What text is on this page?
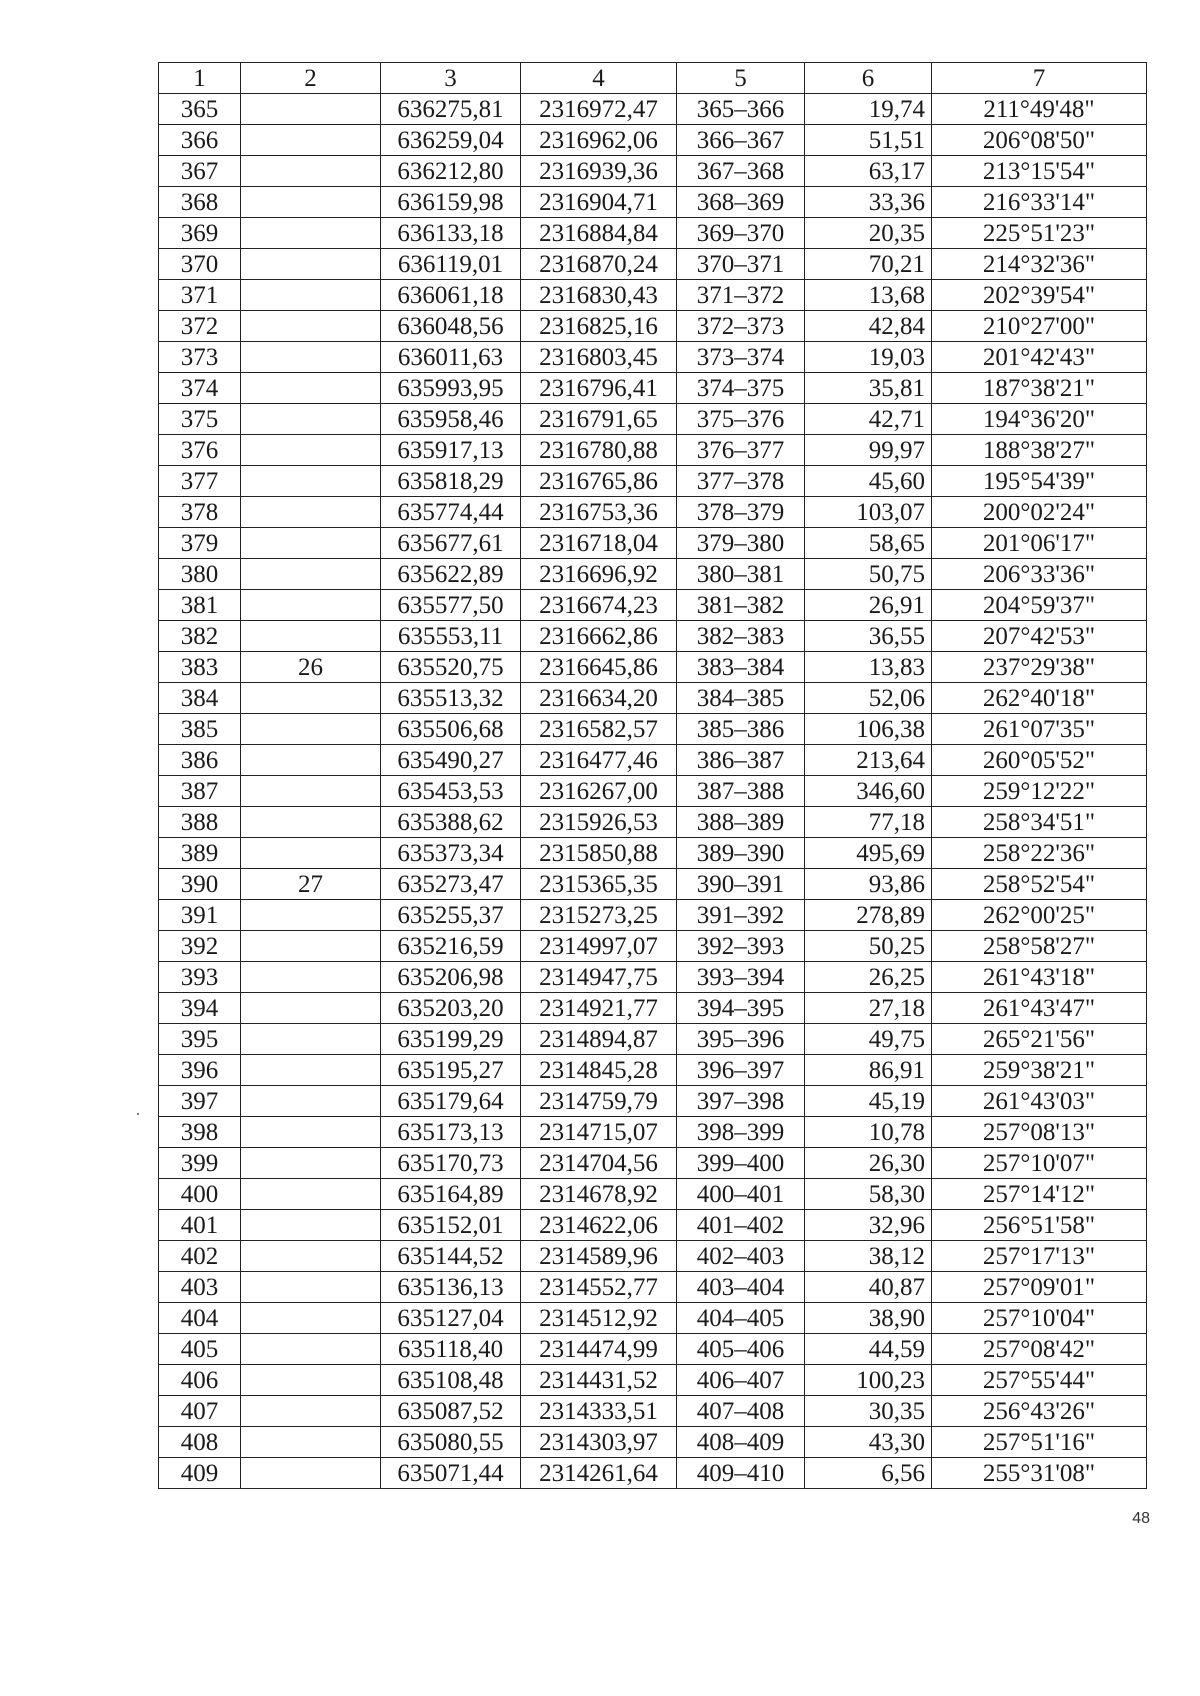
1	2	3	4	5	6	7
365		636275,81	2316972,47	365–366	19,74	211°49'48"
366		636259,04	2316962,06	366–367	51,51	206°08'50"
367		636212,80	2316939,36	367–368	63,17	213°15'54"
368		636159,98	2316904,71	368–369	33,36	216°33'14"
369		636133,18	2316884,84	369–370	20,35	225°51'23"
370		636119,01	2316870,24	370–371	70,21	214°32'36"
371		636061,18	2316830,43	371–372	13,68	202°39'54"
372		636048,56	2316825,16	372–373	42,84	210°27'00"
373		636011,63	2316803,45	373–374	19,03	201°42'43"
374		635993,95	2316796,41	374–375	35,81	187°38'21"
375		635958,46	2316791,65	375–376	42,71	194°36'20"
376		635917,13	2316780,88	376–377	99,97	188°38'27"
377		635818,29	2316765,86	377–378	45,60	195°54'39"
378		635774,44	2316753,36	378–379	103,07	200°02'24"
379		635677,61	2316718,04	379–380	58,65	201°06'17"
380		635622,89	2316696,92	380–381	50,75	206°33'36"
381		635577,50	2316674,23	381–382	26,91	204°59'37"
382		635553,11	2316662,86	382–383	36,55	207°42'53"
383	26	635520,75	2316645,86	383–384	13,83	237°29'38"
384		635513,32	2316634,20	384–385	52,06	262°40'18"
385		635506,68	2316582,57	385–386	106,38	261°07'35"
386		635490,27	2316477,46	386–387	213,64	260°05'52"
387		635453,53	2316267,00	387–388	346,60	259°12'22"
388		635388,62	2315926,53	388–389	77,18	258°34'51"
389		635373,34	2315850,88	389–390	495,69	258°22'36"
390	27	635273,47	2315365,35	390–391	93,86	258°52'54"
391		635255,37	2315273,25	391–392	278,89	262°00'25"
392		635216,59	2314997,07	392–393	50,25	258°58'27"
393		635206,98	2314947,75	393–394	26,25	261°43'18"
394		635203,20	2314921,77	394–395	27,18	261°43'47"
395		635199,29	2314894,87	395–396	49,75	265°21'56"
396		635195,27	2314845,28	396–397	86,91	259°38'21"
397		635179,64	2314759,79	397–398	45,19	261°43'03"
398		635173,13	2314715,07	398–399	10,78	257°08'13"
399		635170,73	2314704,56	399–400	26,30	257°10'07"
400		635164,89	2314678,92	400–401	58,30	257°14'12"
401		635152,01	2314622,06	401–402	32,96	256°51'58"
402		635144,52	2314589,96	402–403	38,12	257°17'13"
403		635136,13	2314552,77	403–404	40,87	257°09'01"
404		635127,04	2314512,92	404–405	38,90	257°10'04"
405		635118,40	2314474,99	405–406	44,59	257°08'42"
406		635108,48	2314431,52	406–407	100,23	257°55'44"
407		635087,52	2314333,51	407–408	30,35	256°43'26"
408		635080,55	2314303,97	408–409	43,30	257°51'16"
409		635071,44	2314261,64	409–410	6,56	255°31'08"
48
